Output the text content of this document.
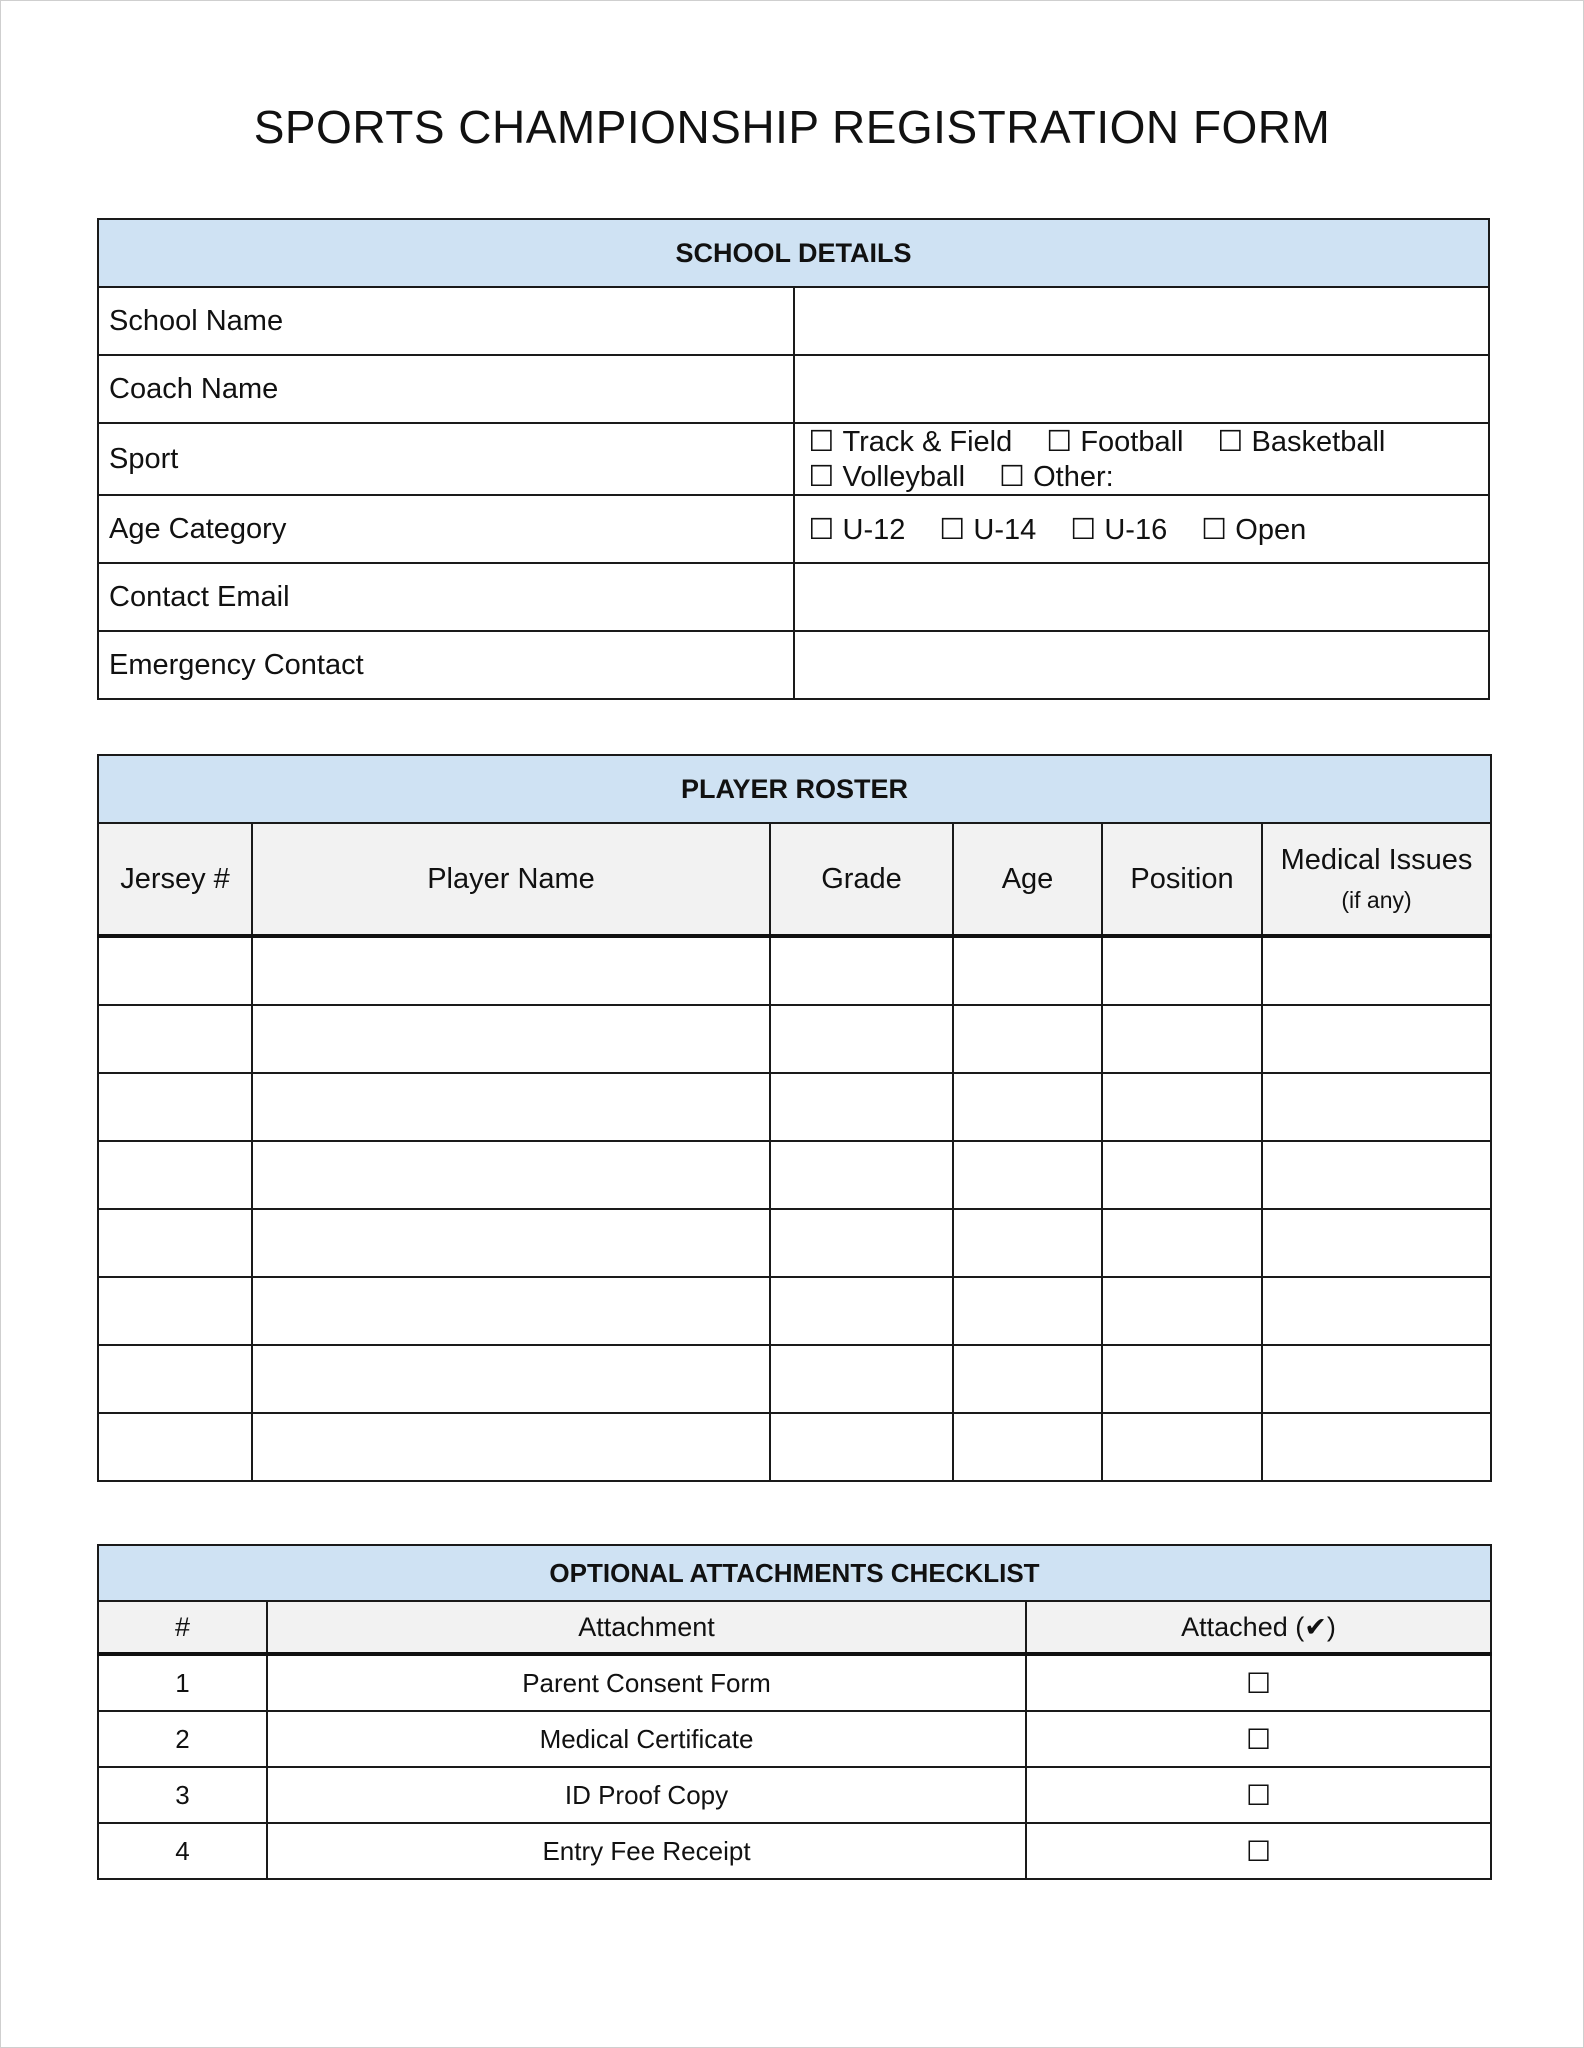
SPORTS CHAMPIONSHIP REGISTRATION FORM
SCHOOL DETAILS	
School Name	
Coach Name	
Sport	☐ Track & Field ☐ Football ☐ Basketball ☐ Volleyball ☐ Other:
Age Category	☐ U-12 ☐ U-14 ☐ U-16 ☐ Open
Contact Email	
Emergency Contact	
PLAYER ROSTER					
Jersey #	Player Name	Grade	Age	Position	Medical Issues
(if any)

OPTIONAL ATTACHMENTS CHECKLIST		
#	Attachment	Attached (✔)
1	Parent Consent Form	☐
2	Medical Certificate	☐
3	ID Proof Copy	☐
4	Entry Fee Receipt	☐
